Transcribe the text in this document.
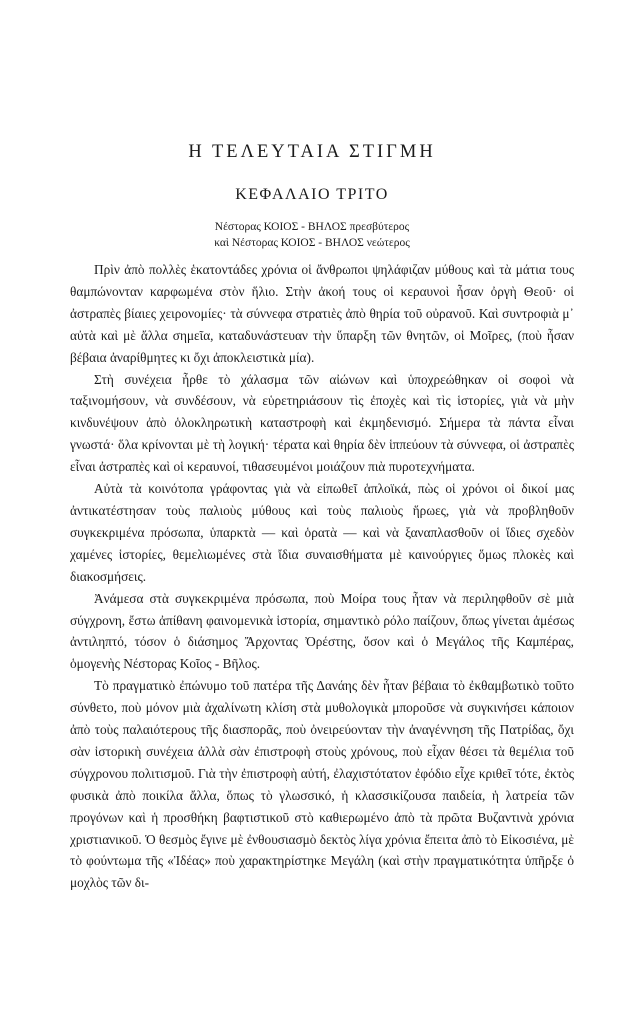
Η ΤΕΛΕΥΤΑΙΑ ΣΤΙΓΜΗ
ΚΕΦΑΛΑΙΟ ΤΡΙΤΟ
Νέστορας ΚΟΙΟΣ - ΒΗΛΟΣ πρεσβύτερος
καὶ Νέστορας ΚΟΙΟΣ - ΒΗΛΟΣ νεώτερος

Πρὶν ἀπὸ πολλὲς ἑκατοντάδες χρόνια οἱ ἄνθρωποι ψηλάφιζαν μύθους καὶ τὰ μάτια τους θαμπώνονταν καρφωμένα στὸν ἥλιο. Στὴν ἀκοή τους οἱ κεραυνοὶ ἦσαν ὀργὴ Θεοῦ· οἱ ἀστραπὲς βίαιες χειρονομίες· τὰ σύννεφα στρατιὲς ἀπὸ θηρία τοῦ οὐρανοῦ. Καὶ συντροφιὰ μ᾽ αὐτὰ καὶ μὲ ἄλλα σημεῖα, καταδυνάστευαν τὴν ὕπαρξη τῶν θνητῶν, οἱ Μοῖρες, (ποὺ ἦσαν βέβαια ἀναρίθμητες κι ὄχι ἀποκλειστικὰ μία).

Στὴ συνέχεια ἦρθε τὸ χάλασμα τῶν αἰώνων καὶ ὑποχρεώθηκαν οἱ σοφοὶ νὰ ταξινομήσουν, νὰ συνδέσουν, νὰ εὑρετηριάσουν τὶς ἐποχὲς καὶ τὶς ἱστορίες, γιὰ νὰ μὴν κινδυνέψουν ἀπὸ ὁλοκληρωτικὴ καταστροφὴ καὶ ἐκμηδενισμό. Σήμερα τὰ πάντα εἶναι γνωστά· ὅλα κρίνονται μὲ τὴ λογική· τέρατα καὶ θηρία δὲν ἱππεύουν τὰ σύννεφα, οἱ ἀστραπὲς εἶναι ἀστραπὲς καὶ οἱ κεραυνοί, τιθασευμένοι μοιάζουν πιὰ πυροτεχνήματα.

Αὐτὰ τὰ κοινότοπα γράφοντας γιὰ νὰ εἰπωθεῖ ἁπλοϊκά, πὼς οἱ χρόνοι οἱ δικοί μας ἀντικατέστησαν τοὺς παλιοὺς μύθους καὶ τοὺς παλιοὺς ἥρωες, γιὰ νὰ προβληθοῦν συγκεκριμένα πρόσωπα, ὑπαρκτὰ — καὶ ὁρατὰ — καὶ νὰ ξαναπλασθοῦν οἱ ἴδιες σχεδὸν χαμένες ἱστορίες, θεμελιωμένες στὰ ἴδια συναισθήματα μὲ καινούργιες ὅμως πλοκὲς καὶ διακοσμήσεις.

Ἀνάμεσα στὰ συγκεκριμένα πρόσωπα, ποὺ Μοίρα τους ἦταν νὰ περιληφθοῦν σὲ μιὰ σύγχρονη, ἔστω ἀπίθανη φαινομενικὰ ἱστορία, σημαντικὸ ρόλο παίζουν, ὅπως γίνεται ἀμέσως ἀντιληπτό, τόσον ὁ διάσημος Ἄρχοντας Ὀρέστης, ὅσον καὶ ὁ Μεγάλος τῆς Καμπέρας, ὁμογενὴς Νέστορας Κοῖος - Βῆλος.

Τὸ πραγματικὸ ἐπώνυμο τοῦ πατέρα τῆς Δανάης δὲν ἦταν βέβαια τὸ ἐκθαμβωτικὸ τοῦτο σύνθετο, ποὺ μόνον μιὰ ἀχαλίνωτη κλίση στὰ μυθολογικὰ μποροῦσε νὰ συγκινήσει κάποιον ἀπὸ τοὺς παλαιότερους τῆς διασπορᾶς, ποὺ ὀνειρεύονταν τὴν ἀναγέννηση τῆς Πατρίδας, ὄχι σὰν ἱστορικὴ συνέχεια ἀλλὰ σὰν ἐπιστροφὴ στοὺς χρόνους, ποὺ εἶχαν θέσει τὰ θεμέλια τοῦ σύγχρονου πολιτισμοῦ. Γιὰ τὴν ἐπιστροφὴ αὐτή, ἐλαχιστότατον ἐφόδιο εἶχε κριθεῖ τότε, ἐκτὸς φυσικὰ ἀπὸ ποικίλα ἄλλα, ὅπως τὸ γλωσσικό, ἡ κλασσικίζουσα παιδεία, ἡ λατρεία τῶν προγόνων καὶ ἡ προσθήκη βαφτιστικοῦ στὸ καθιερωμένο ἀπὸ τὰ πρῶτα Βυζαντινὰ χρόνια χριστιανικοῦ. Ὁ θεσμὸς ἔγινε μὲ ἐνθουσιασμὸ δεκτὸς λίγα χρόνια ἔπειτα ἀπὸ τὸ Εἰκοσιένα, μὲ τὸ φούντωμα τῆς «Ἰδέας» ποὺ χαρακτηρίστηκε Μεγάλη (καὶ στὴν πραγματικότητα ὑπῆρξε ὁ μοχλὸς τῶν δι-
